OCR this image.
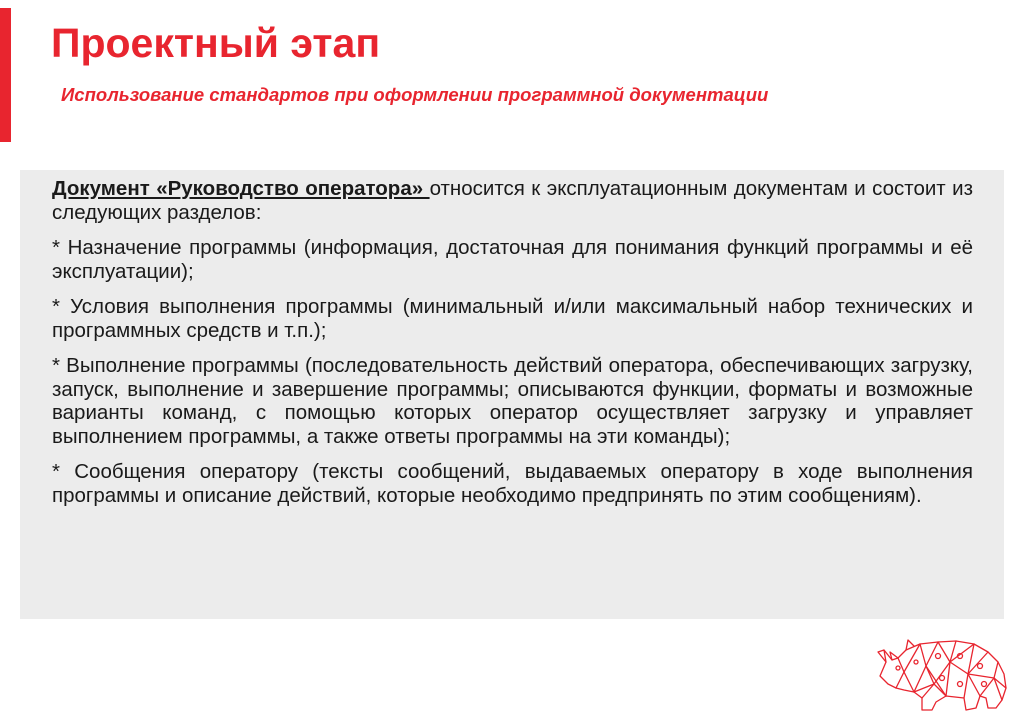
Проектный этап
Использование стандартов при оформлении программной документации

Документ «Руководство оператора» относится к эксплуатационным документам и состоит из следующих разделов:

* Назначение программы (информация, достаточная для понимания функций программы и её эксплуатации);

* Условия выполнения программы (минимальный и/или максимальный набор технических и программных средств и т.п.);

* Выполнение программы (последовательность действий оператора, обеспечивающих загрузку, запуск, выполнение и завершение программы; описываются функции, форматы и возможные варианты команд, с помощью которых оператор осуществляет загрузку и управляет выполнением программы, а также ответы программы на эти команды);

* Сообщения оператору (тексты сообщений, выдаваемых оператору в ходе выполнения программы и описание действий, которые необходимо предпринять по этим сообщениям).
